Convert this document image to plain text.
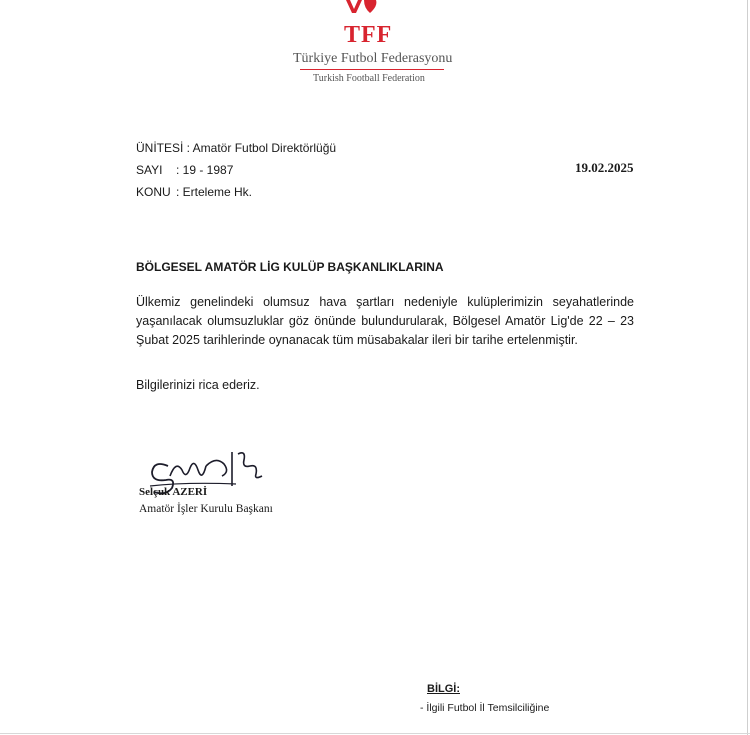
TFF
Türkiye Futbol Federasyonu
Turkish Football Federation
ÜNİTESİ : Amatör Futbol Direktörlüğü
SAYI : 19 - 1987
KONU : Erteleme Hk.
19.02.2025
BÖLGESEL AMATÖR LİG KULÜP BAŞKANLIKLARINA
Ülkemiz genelindeki olumsuz hava şartları nedeniyle kulüplerimizin seyahatlerinde yaşanılacak olumsuzluklar göz önünde bulundurularak, Bölgesel Amatör Lig'de 22 – 23 Şubat 2025 tarihlerinde oynanacak tüm müsabakalar ileri bir tarihe ertelenmiştir.
Bilgilerinizi rica ederiz.
Selçuk AZERİ
Amatör İşler Kurulu Başkanı
BİLGİ:
- İlgili Futbol İl Temsilciliğine
